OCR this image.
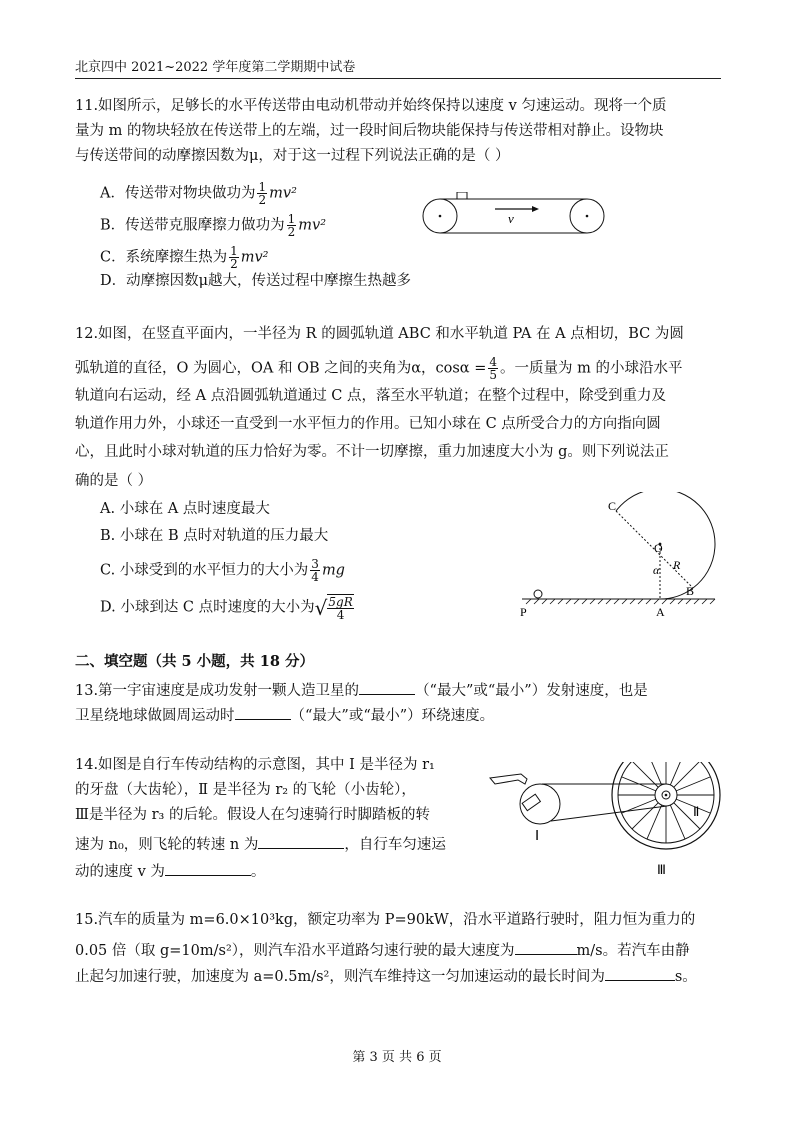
北京四中 2021~2022 学年度第二学期期中试卷
11.如图所示，足够长的水平传送带由电动机带动并始终保持以速度 v 匀速运动。现将一个质
量为 m 的物块轻放在传送带上的左端，过一段时间后物块能保持与传送带相对静止。设物块
与传送带间的动摩擦因数为μ，对于这一过程下列说法正确的是（ ）
A．传送带对物块做功为 $\frac{1}{2} mv^2$
B．传送带克服摩擦力做功为 $\frac{1}{2} mv^2$
C．系统摩擦生热为 $\frac{1}{2} mv^2$
D．动摩擦因数μ越大，传送过程中摩擦生热越多
v
12.如图，在竖直平面内，一半径为 R 的圆弧轨道 ABC 和水平轨道 PA 在 A 点相切，BC 为圆
弧轨道的直径，O 为圆心，OA 和 OB 之间的夹角为α，$\cos\alpha = \frac{4}{5}$ 。一质量为 m 的小球沿水平
轨道向右运动，经 A 点沿圆弧轨道通过 C 点，落至水平轨道；在整个过程中，除受到重力及
轨道作用力外，小球还一直受到一水平恒力的作用。已知小球在 C 点所受合力的方向指向圆
心，且此时小球对轨道的压力恰好为零。不计一切摩擦，重力加速度大小为 g。则下列说法正
确的是（ ）
A. 小球在 A 点时速度最大
B. 小球在 B 点时对轨道的压力最大
C. 小球受到的水平恒力的大小为 $\frac{3}{4}$ mg
D. 小球到达 C 点时速度的大小为√ $\frac{5gR}{4}$
C
O
α R
B
P	A
二、填空题（共 5 小题，共 18 分）
13.第一宇宙速度是成功发射一颗人造卫星的	（“最大”或“最小”）发射速度，也是
卫星绕地球做圆周运动时	（“最大”或“最小”）环绕速度。
14.如图是自行车传动结构的示意图，其中 Ⅰ 是半径为 r₁
的牙盘（大齿轮），Ⅱ 是半径为 r₂ 的飞轮（小齿轮），
Ⅲ是半径为 r₃ 的后轮。假设人在匀速骑行时脚踏板的转
速为 n₀，则飞轮的转速 n 为	，自行车匀速运
动的速度 v 为	。
Ⅰ
Ⅱ
Ⅲ
15.汽车的质量为 m=6.0×10³kg，额定功率为 P=90kW，沿水平道路行驶时，阻力恒为重力的
0.05 倍（取 g=10m/s²），则汽车沿水平道路匀速行驶的最大速度为	m/s。若汽车由静
止起匀加速行驶，加速度为 a=0.5m/s²，则汽车维持这一匀加速运动的最长时间为	s。
第 3 页 共 6 页
